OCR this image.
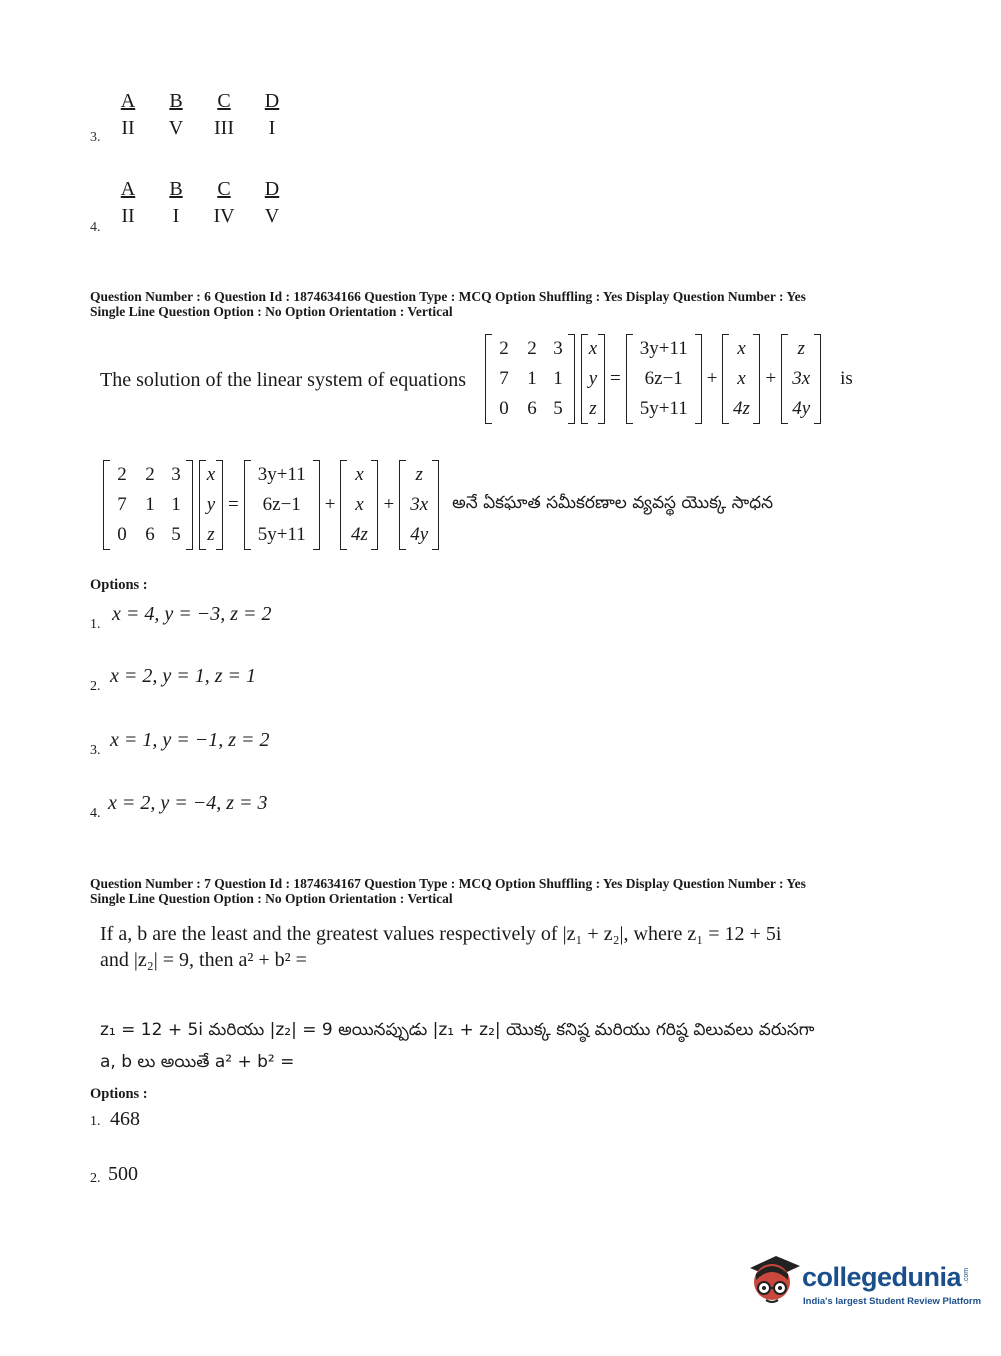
A	B	C	D
II	V	III	I
3.
A	B	C	D
II	I	IV	V
4.
Question Number : 6 Question Id : 1874634166 Question Type : MCQ Option Shuffling : Yes Display Question Number : Yes
Single Line Question Option : No Option Orientation : Vertical
The solution of the linear system of equations
2 2 3
7 1 1
0 6 5
x
y
z
=
3y+11
6z−1
5y+11
+
x
x
4z
+
z
3x
4y
is
2 2 3
7 1 1
0 6 5
x
y
z
=
3y+11
6z−1
5y+11
+
x
x
4z
+
z
3x
4y
అనే ఏకఘాత సమీకరణాల వ్యవస్థ యొక్క సాధన
Options :
1. x = 4, y = −3, z = 2
2. x = 2, y = 1, z = 1
3. x = 1, y = −1, z = 2
4. x = 2, y = −4, z = 3
Question Number : 7 Question Id : 1874634167 Question Type : MCQ Option Shuffling : Yes Display Question Number : Yes
Single Line Question Option : No Option Orientation : Vertical
If a, b are the least and the greatest values respectively of |z₁ + z₂|, where z₁ = 12 + 5i
and |z₂| = 9, then a² + b² =
z₁ = 12 + 5i మరియు |z₂| = 9 అయినప్పుడు |z₁ + z₂| యొక్క కనిష్ఠ మరియు గరిష్ఠ విలువలు వరుసగా
a, b లు అయితే a² + b² =
Options :
1. 468
2. 500
collegedunia .com
India's largest Student Review Platform
